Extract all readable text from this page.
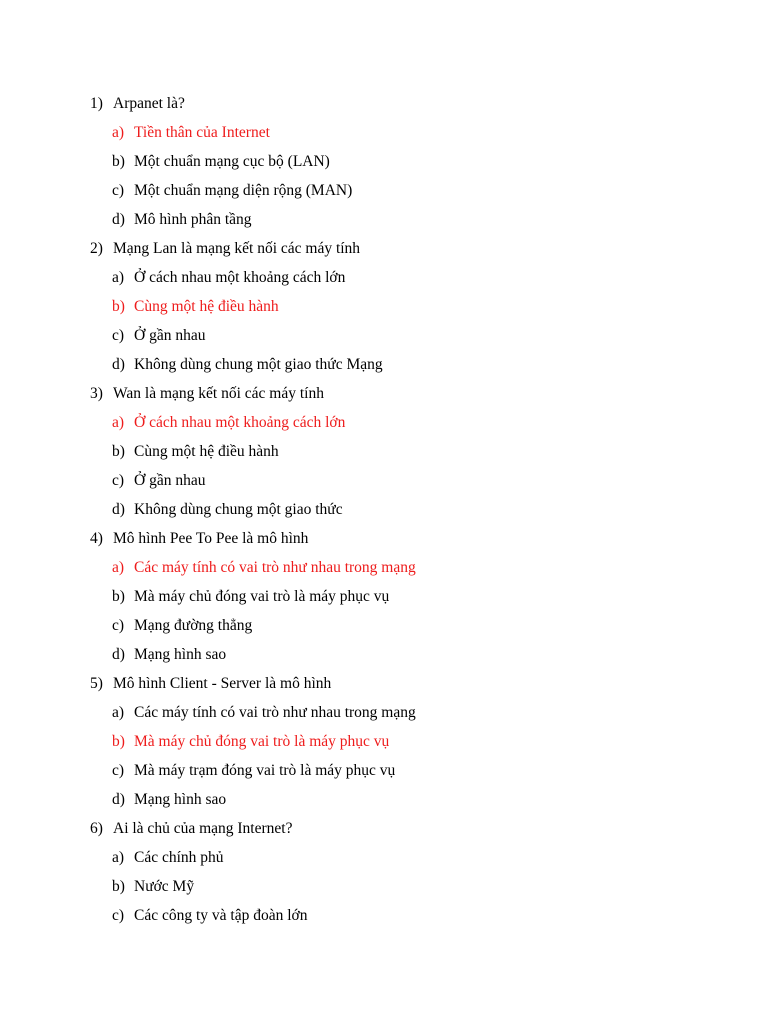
1) Arpanet là?
a) Tiền thân của Internet
b) Một chuẩn mạng cục bộ (LAN)
c) Một chuẩn mạng diện rộng (MAN)
d) Mô hình phân tầng
2) Mạng Lan là mạng kết nối các máy tính
a) Ở cách nhau một khoảng cách lớn
b) Cùng một hệ điều hành
c) Ở gần nhau
d) Không dùng chung một giao thức Mạng
3) Wan là mạng kết nối các máy tính
a) Ở cách nhau một khoảng cách lớn
b) Cùng một hệ điều hành
c) Ở gần nhau
d) Không dùng chung một giao thức
4) Mô hình Pee To Pee là mô hình
a) Các máy tính có vai trò như nhau trong mạng
b) Mà máy chủ đóng vai trò là máy phục vụ
c) Mạng đường thẳng
d) Mạng hình sao
5) Mô hình Client - Server là mô hình
a) Các máy tính có vai trò như nhau trong mạng
b) Mà máy chủ đóng vai trò là máy phục vụ
c) Mà máy trạm đóng vai trò là máy phục vụ
d) Mạng hình sao
6) Ai là chủ của mạng Internet?
a) Các chính phủ
b) Nước Mỹ
c) Các công ty và tập đoàn lớn
